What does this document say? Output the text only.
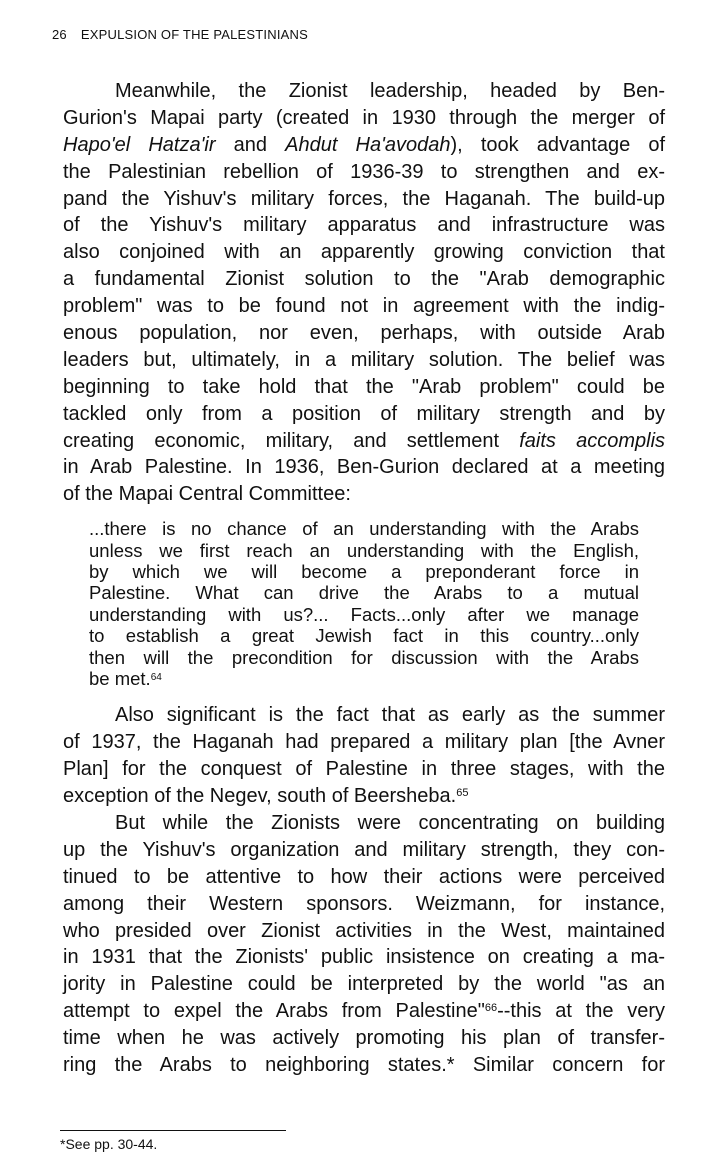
26 EXPULSION OF THE PALESTINIANS
Meanwhile, the Zionist leadership, headed by Ben-
Gurion's Mapai party (created in 1930 through the merger of
Hapo'el Hatza'ir and Ahdut Ha'avodah), took advantage of
the Palestinian rebellion of 1936-39 to strengthen and ex-
pand the Yishuv's military forces, the Haganah. The build-up
of the Yishuv's military apparatus and infrastructure was
also conjoined with an apparently growing conviction that
a fundamental Zionist solution to the "Arab demographic
problem" was to be found not in agreement with the indig-
enous population, nor even, perhaps, with outside Arab
leaders but, ultimately, in a military solution. The belief was
beginning to take hold that the "Arab problem" could be
tackled only from a position of military strength and by
creating economic, military, and settlement faits accomplis
in Arab Palestine. In 1936, Ben-Gurion declared at a meeting
of the Mapai Central Committee:
...there is no chance of an understanding with the Arabs
unless we first reach an understanding with the English,
by which we will become a preponderant force in
Palestine. What can drive the Arabs to a mutual
understanding with us?... Facts...only after we manage
to establish a great Jewish fact in this country...only
then will the precondition for discussion with the Arabs
be met.$^{64}$
Also significant is the fact that as early as the summer
of 1937, the Haganah had prepared a military plan [the Avner
Plan] for the conquest of Palestine in three stages, with the
exception of the Negev, south of Beersheba.$^{65}$
But while the Zionists were concentrating on building
up the Yishuv's organization and military strength, they con-
tinued to be attentive to how their actions were perceived
among their Western sponsors. Weizmann, for instance,
who presided over Zionist activities in the West, maintained
in 1931 that the Zionists' public insistence on creating a ma-
jority in Palestine could be interpreted by the world "as an
attempt to expel the Arabs from Palestine"$^{66}$--this at the very
time when he was actively promoting his plan of transfer-
ring the Arabs to neighboring states.* Similar concern for
*See pp. 30-44.
